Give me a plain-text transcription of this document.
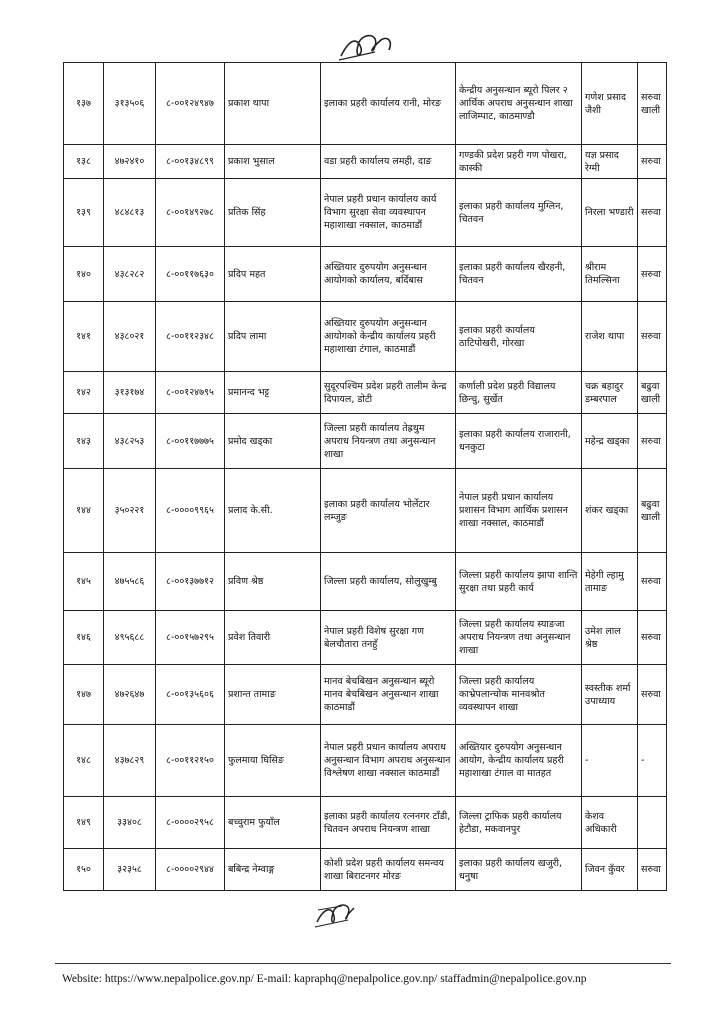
१३७	३१३५०६	८-००१२४९४७	प्रकाश थापा	इलाका प्रहरी कार्यालय रानी, मोरङ	केन्द्रीय अनुसन्धान ब्यूरो पिलर २ आर्थिक अपराध अनुसन्धान शाखा लाजिम्पाट, काठमाण्डौ	गणेश प्रसाद जैशी	सरुवा खाली
१३८	४७२४१०	८-००१३४८९९	प्रकाश भुसाल	वडा प्रहरी कार्यालय लमही, दाङ	गण्डकी प्रदेश प्रहरी गण पोखरा, कास्की	यज्ञ प्रसाद रेग्मी	सरुवा
१३९	४८४८१३	८-००१४९२७८	प्रतिक सिंह	नेपाल प्रहरी प्रधान कार्यालय कार्य विभाग सुरक्षा सेवा व्यवस्थापन महाशाखा नक्साल, काठमाडौं	इलाका प्रहरी कार्यालय मुग्लिन, चितवन	निरला भण्डारी	सरुवा
१४०	४३८२८२	८-००११७६३०	प्रदिप महत	अख्तियार दुरुपयोग अनुसन्धान आयोगको कार्यालय, बर्दिबास	इलाका प्रहरी कार्यालय खैरहनी, चितवन	श्रीराम तिमल्सिना	सरुवा
१४१	४३८०२१	८-००११२३४८	प्रदिप लामा	अख्तियार दुरुपयोग अनुसन्धान आयोगको केन्द्रीय कार्यालय प्रहरी महाशाखा टंगाल, काठमाडौं	इलाका प्रहरी कार्यालय ठाटिपोखरी, गोरखा	राजेश थापा	सरुवा
१४२	३१३१७४	८-००१२४७९५	प्रमानन्द भट्ट	सुदूरपश्चिम प्रदेश प्रहरी तालीम केन्द्र दिपायल, डोटी	कर्णाली प्रदेश प्रहरी विद्यालय छिन्चु, सुर्खेत	चक्र बहादुर डम्बरपाल	बढुवा खाली
१४३	४३८२५३	८-००११७७७५	प्रमोद खड्का	जिल्ला प्रहरी कार्यालय तेह्रथुम अपराध नियन्त्रण तथा अनुसन्धान शाखा	इलाका प्रहरी कार्यालय राजारानी, धनकुटा	महेन्द्र खड्का	सरुवा
१४४	३५०२२१	८-००००९९६५	प्रलाद के.सी.	इलाका प्रहरी कार्यालय भोर्लेटार लम्जुङ	नेपाल प्रहरी प्रधान कार्यालय प्रशासन विभाग आर्थिक प्रशासन शाखा नक्साल, काठमाडौं	शंकर खड्का	बढुवा खाली
१४५	४७५५८६	८-००१३७७१२	प्रविण श्रेष्ठ	जिल्ला प्रहरी कार्यालय, सोलुखुम्बु	जिल्ला प्रहरी कार्यालय झापा शान्ति सुरक्षा तथा प्रहरी कार्य	मेहेगी ल्हामु तामाङ	सरुवा
१४६	४९५६८८	८-००१५७२९५	प्रवेश तिवारी	नेपाल प्रहरी विशेष सुरक्षा गण बेलचौतारा तनहुँ	जिल्ला प्रहरी कार्यालय स्याङजा अपराध नियन्त्रण तथा अनुसन्धान शाखा	उमेश लाल श्रेष्ठ	सरुवा
१४७	४७२६४७	८-००१३५६०६	प्रशान्त तामाङ	मानव बेचबिखन अनुसन्धान ब्यूरो मानव बेचबिखन अनुसन्धान शाखा काठमाडौं	जिल्ला प्रहरी कार्यालय काभ्रेपलान्चोक मानवश्रोत व्यवस्थापन शाखा	स्वस्तीक शर्मा उपाध्याय	सरुवा
१४८	४३७८२९	८-००११२१५०	फुलमाया घिसिङ	नेपाल प्रहरी प्रधान कार्यालय अपराध अनुसन्धान विभाग अपराध अनुसन्धान विश्लेषण शाखा नक्साल काठमाडौं	अख्तियार दुरुपयोग अनुसन्धान आयोग, केन्द्रीय कार्यालय प्रहरी महाशाखा टंगाल वा मातहत	-	-
१४९	३३४०८	८-००००२९५८	बच्चुराम फुयाँल	इलाका प्रहरी कार्यालय रत्ननगर टाँडी, चितवन अपराध नियन्त्रण शाखा	जिल्ला ट्राफिक प्रहरी कार्यालय हेटौडा, मकवानपुर	केशव अधिकारी	
१५०	३२३५८	८-००००२९४४	बबिन्द्र नेम्वाङ्ग	कोशी प्रदेश प्रहरी कार्यालय समन्वय शाखा बिराटनगर मोरङ	इलाका प्रहरी कार्यालय खजुरी, धनुषा	जिवन कुँवर	सरुवा
Website: https://www.nepalpolice.gov.np/ E-mail: kapraphq@nepalpolice.gov.np/ staffadmin@nepalpolice.gov.np
